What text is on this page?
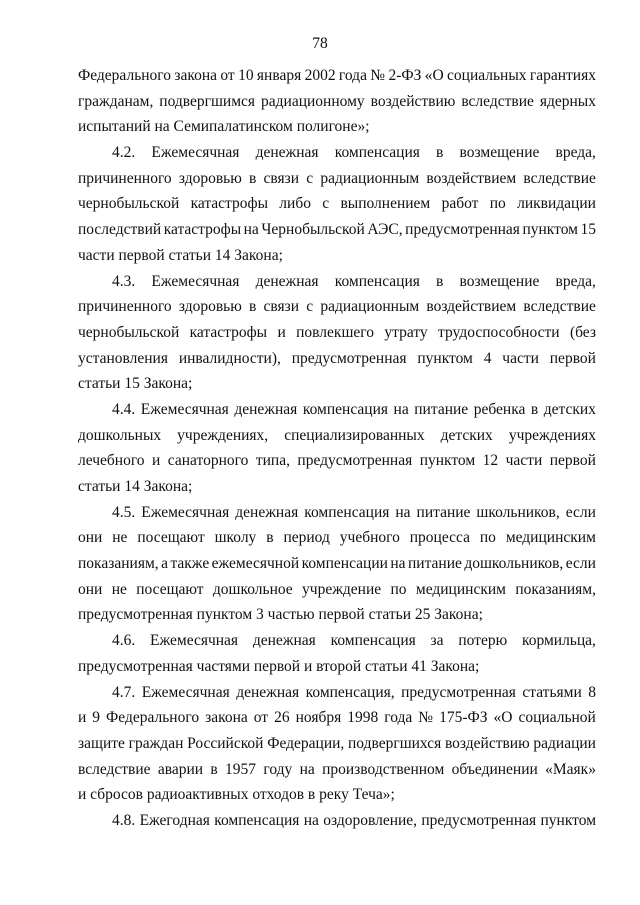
78
Федерального закона от 10 января 2002 года № 2-ФЗ «О социальных гарантиях
гражданам, подвергшимся радиационному воздействию вследствие ядерных
испытаний на Семипалатинском полигоне»;
4.2. Ежемесячная денежная компенсация в возмещение вреда,
причиненного здоровью в связи с радиационным воздействием вследствие
чернобыльской катастрофы либо с выполнением работ по ликвидации
последствий катастрофы на Чернобыльской АЭС, предусмотренная пунктом 15
части первой статьи 14 Закона;
4.3. Ежемесячная денежная компенсация в возмещение вреда,
причиненного здоровью в связи с радиационным воздействием вследствие
чернобыльской катастрофы и повлекшего утрату трудоспособности (без
установления инвалидности), предусмотренная пунктом 4 части первой
статьи 15 Закона;
4.4. Ежемесячная денежная компенсация на питание ребенка в детских
дошкольных учреждениях, специализированных детских учреждениях
лечебного и санаторного типа, предусмотренная пунктом 12 части первой
статьи 14 Закона;
4.5. Ежемесячная денежная компенсация на питание школьников, если
они не посещают школу в период учебного процесса по медицинским
показаниям, а также ежемесячной компенсации на питание дошкольников, если
они не посещают дошкольное учреждение по медицинским показаниям,
предусмотренная пунктом 3 частью первой статьи 25 Закона;
4.6. Ежемесячная денежная компенсация за потерю кормильца,
предусмотренная частями первой и второй статьи 41 Закона;
4.7. Ежемесячная денежная компенсация, предусмотренная статьями 8
и 9 Федерального закона от 26 ноября 1998 года № 175-ФЗ «О социальной
защите граждан Российской Федерации, подвергшихся воздействию радиации
вследствие аварии в 1957 году на производственном объединении «Маяк»
и сбросов радиоактивных отходов в реку Теча»;
4.8. Ежегодная компенсация на оздоровление, предусмотренная пунктом
